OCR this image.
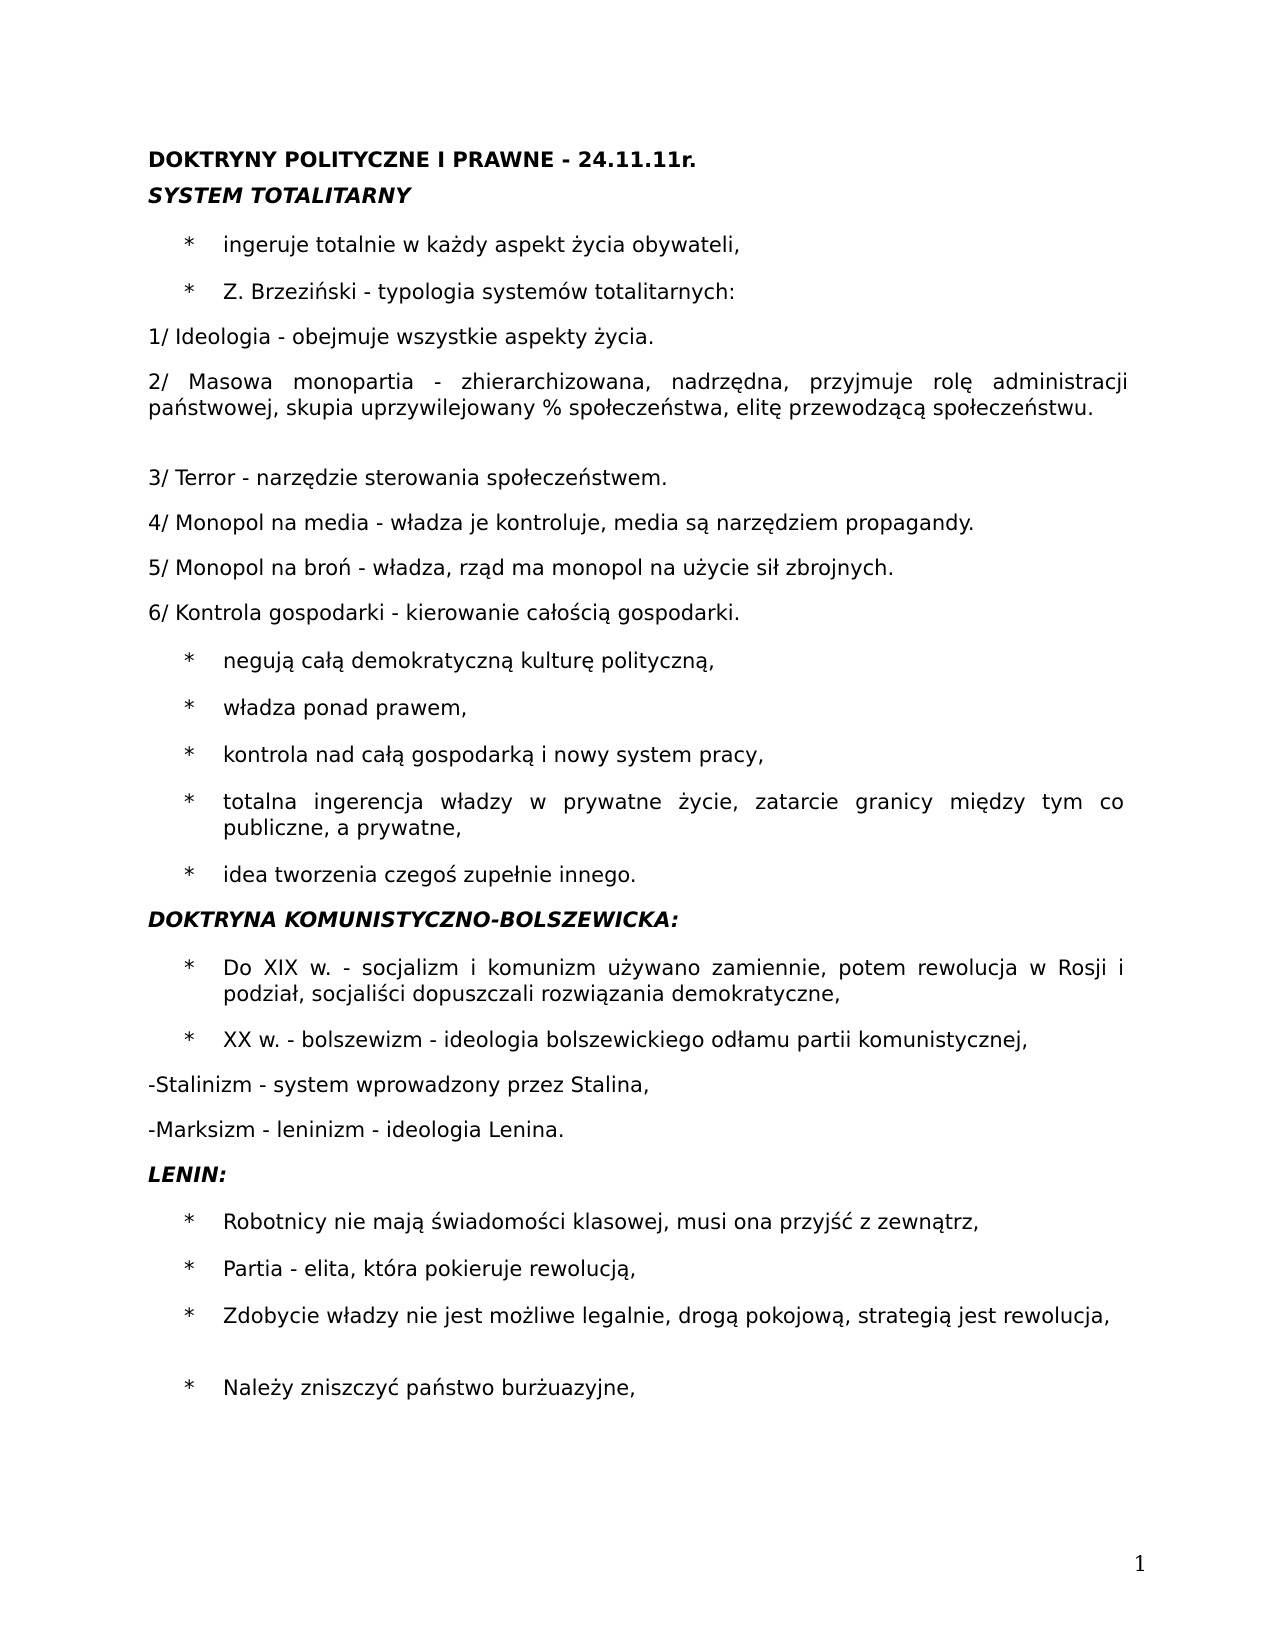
DOKTRYNY POLITYCZNE I PRAWNE - 24.11.11r.
SYSTEM TOTALITARNY
* ingeruje totalnie w każdy aspekt życia obywateli,
* Z. Brzeziński - typologia systemów totalitarnych:
1/ Ideologia - obejmuje wszystkie aspekty życia.
2/ Masowa monopartia - zhierarchizowana, nadrzędna, przyjmuje rolę administracji państwowej, skupia uprzywilejowany % społeczeństwa, elitę przewodzącą społeczeństwu.
3/ Terror - narzędzie sterowania społeczeństwem.
4/ Monopol na media - władza je kontroluje, media są narzędziem propagandy.
5/ Monopol na broń - władza, rząd ma monopol na użycie sił zbrojnych.
6/ Kontrola gospodarki - kierowanie całością gospodarki.
* negują całą demokratyczną kulturę polityczną,
* władza ponad prawem,
* kontrola nad całą gospodarką i nowy system pracy,
* totalna ingerencja władzy w prywatne życie, zatarcie granicy między tym co publiczne, a prywatne,
* idea tworzenia czegoś zupełnie innego.
DOKTRYNA KOMUNISTYCZNO-BOLSZEWICKA:
* Do XIX w. - socjalizm i komunizm używano zamiennie, potem rewolucja w Rosji i podział, socjaliści dopuszczali rozwiązania demokratyczne,
* XX w. - bolszewizm - ideologia bolszewickiego odłamu partii komunistycznej,
-Stalinizm - system wprowadzony przez Stalina,
-Marksizm - leninizm - ideologia Lenina.
LENIN:
* Robotnicy nie mają świadomości klasowej, musi ona przyjść z zewnątrz,
* Partia - elita, która pokieruje rewolucją,
* Zdobycie władzy nie jest możliwe legalnie, drogą pokojową, strategią jest rewolucja,
* Należy zniszczyć państwo burżuazyjne,
1
